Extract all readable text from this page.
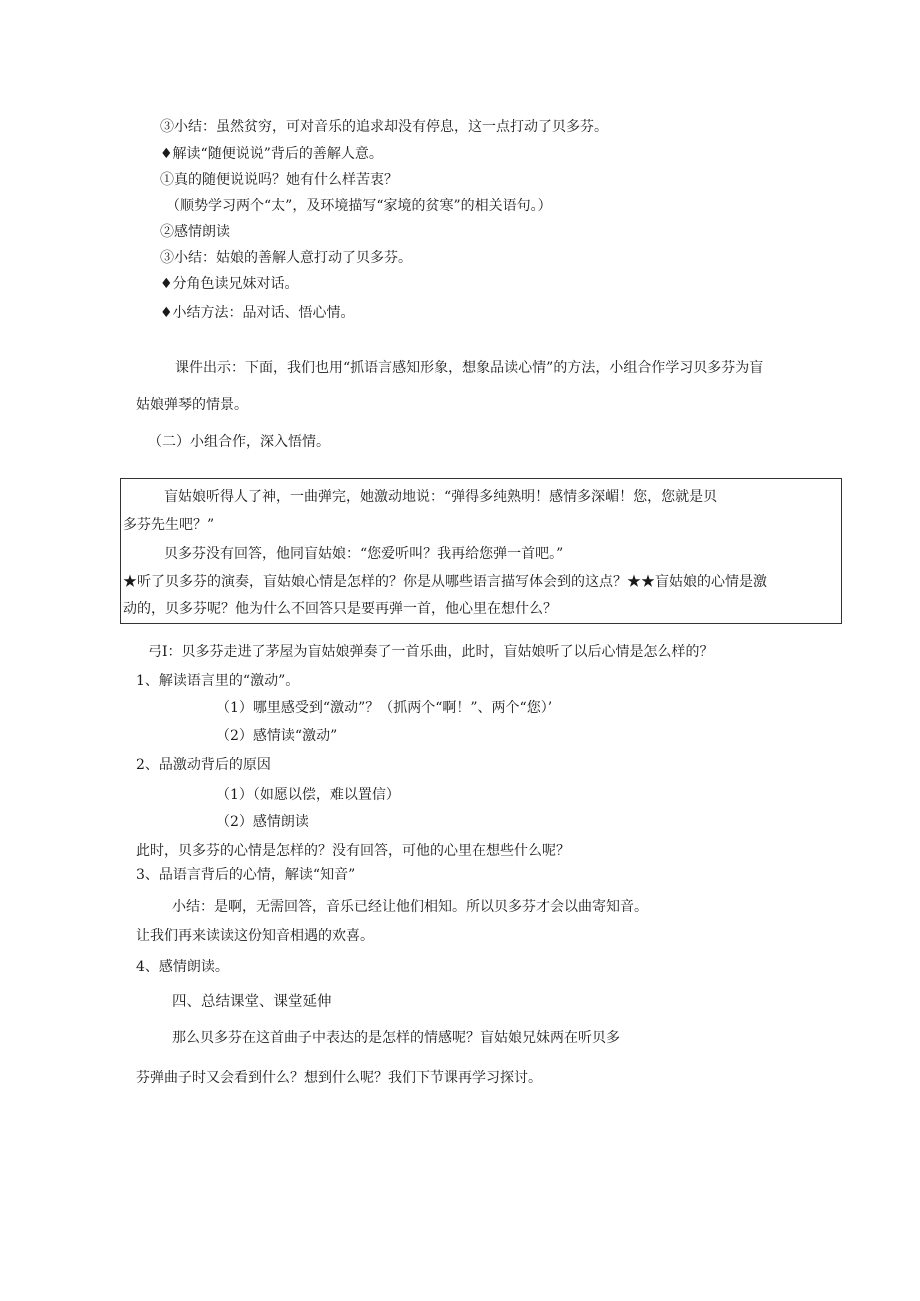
③小结：虽然贫穷，可对音乐的追求却没有停息，这一点打动了贝多芬。
♦解读“随便说说”背后的善解人意。
①真的随便说说吗？她有什么样苦衷？
（顺势学习两个“太”，及环境描写“家境的贫寒”的相关语句。）
②感情朗读
③小结：姑娘的善解人意打动了贝多芬。
♦分角色读兄妹对话。
♦小结方法：品对话、悟心情。
课件出示：下面，我们也用“抓语言感知形象，想象品读心情”的方法，小组合作学习贝多芬为盲
姑娘弹琴的情景。
（二）小组合作，深入悟情。
盲姑娘听得人了神，一曲弹完，她激动地说：“弹得多纯熟明！感情多深嵋！您，您就是贝
多芬先生吧？”
贝多芬没有回答，他同盲姑娘：“您爱听叫？我再给您弹一首吧。”
★听了贝多芬的演奏，盲姑娘心情是怎样的？你是从哪些语言描写体会到的这点？★★盲姑娘的心情是激
动的，贝多芬呢？他为什么不回答只是要再弹一首，他心里在想什么？
弓I：贝多芬走进了茅屋为盲姑娘弹奏了一首乐曲，此时，盲姑娘听了以后心情是怎么样的？
1、解读语言里的“激动”。
（1）哪里感受到“激动”？（抓两个“啊！”、两个“您）’
（2）感情读“激动”
2、品激动背后的原因
（1）（如愿以偿，难以置信）
（2）感情朗读
此时，贝多芬的心情是怎样的？没有回答，可他的心里在想些什么呢？
3、品语言背后的心情，解读“知音”
小结：是啊，无需回答，音乐已经让他们相知。所以贝多芬才会以曲寄知音。
让我们再来读读这份知音相遇的欢喜。
4、感情朗读。
四、总结课堂、课堂延伸
那么贝多芬在这首曲子中表达的是怎样的情感呢？盲姑娘兄妹两在听贝多
芬弹曲子时又会看到什么？想到什么呢？我们下节课再学习探讨。
